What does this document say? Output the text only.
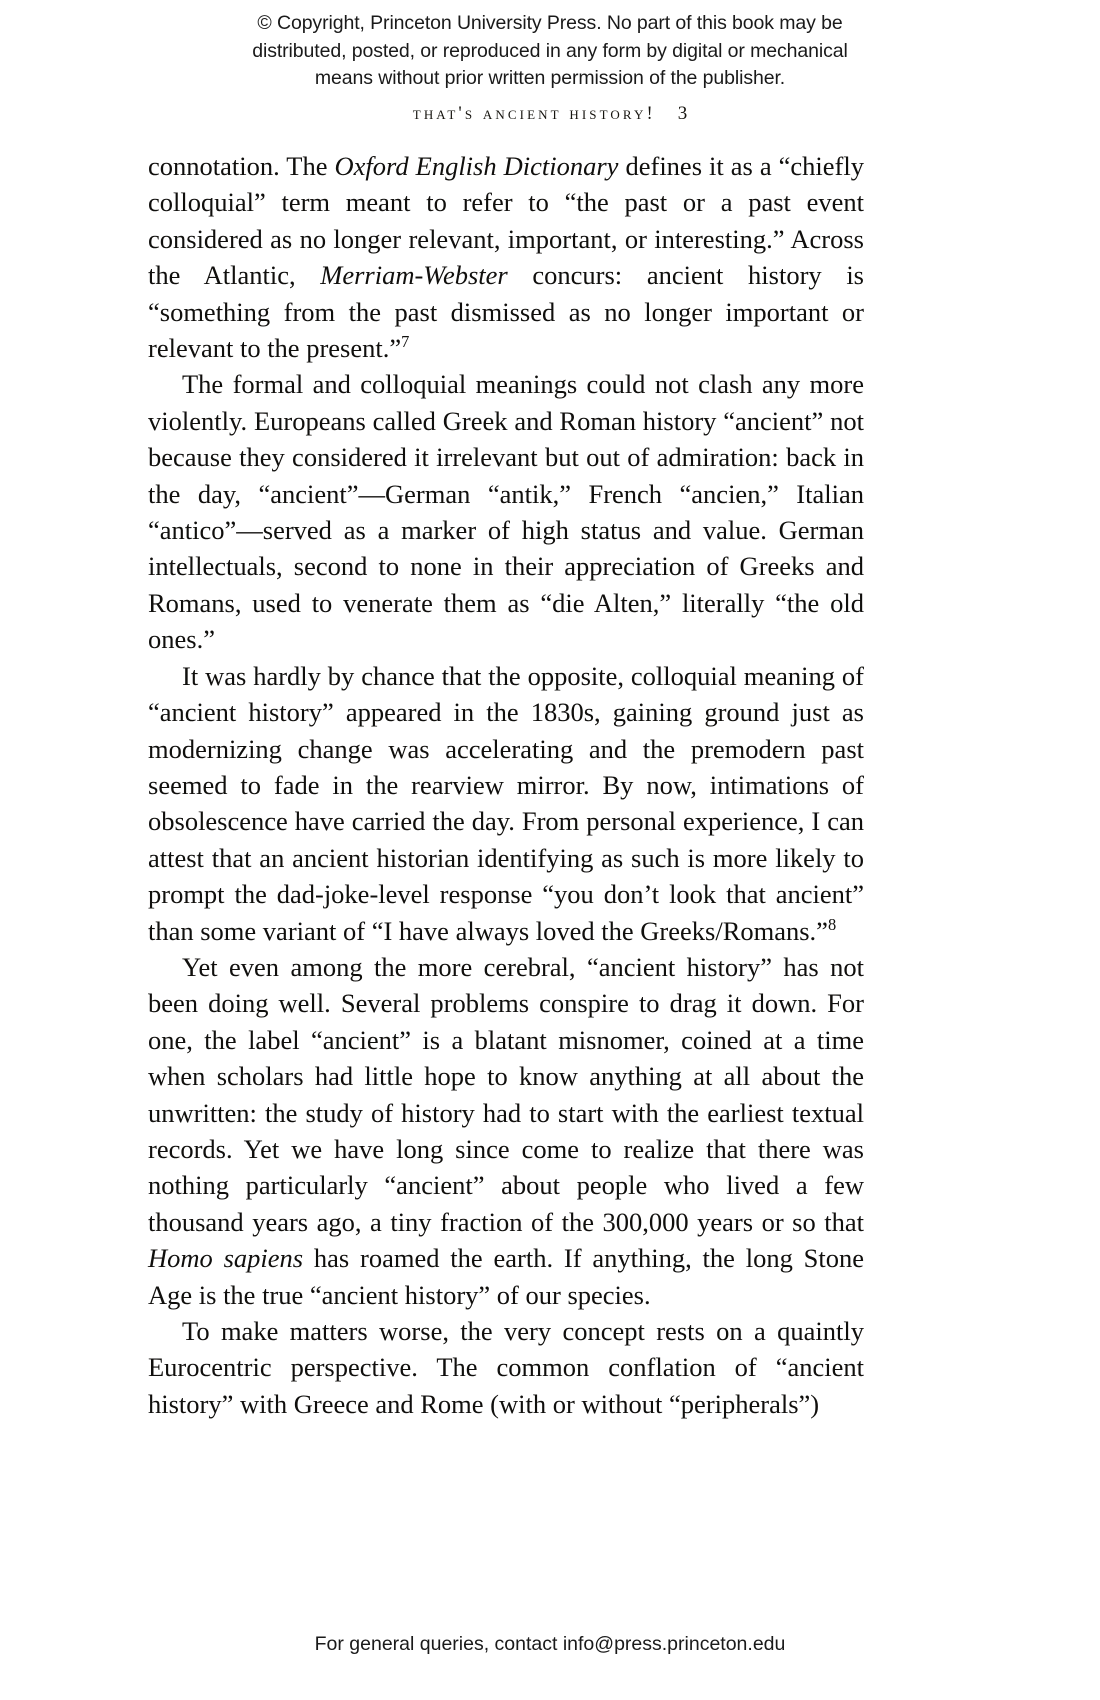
© Copyright, Princeton University Press. No part of this book may be
distributed, posted, or reproduced in any form by digital or mechanical
means without prior written permission of the publisher.
that's ancient history! 3

connotation. The Oxford English Dictionary defines it as a “chiefly colloquial” term meant to refer to “the past or a past event considered as no longer relevant, important, or interesting.” Across the Atlantic, Merriam-Webster concurs: ancient history is “something from the past dismissed as no longer important or relevant to the present.”$^7$

The formal and colloquial meanings could not clash any more violently. Europeans called Greek and Roman history “ancient” not because they considered it irrelevant but out of admiration: back in the day, “ancient”—German “antik,” French “ancien,” Italian “antico”—served as a marker of high status and value. German intellectuals, second to none in their appreciation of Greeks and Romans, used to venerate them as “die Alten,” literally “the old ones.”

It was hardly by chance that the opposite, colloquial meaning of “ancient history” appeared in the 1830s, gaining ground just as modernizing change was accelerating and the premodern past seemed to fade in the rearview mirror. By now, intimations of obsolescence have carried the day. From personal experience, I can attest that an ancient historian identifying as such is more likely to prompt the dad-joke-level response “you don’t look that ancient” than some variant of “I have always loved the Greeks/Romans.”$^8$

Yet even among the more cerebral, “ancient history” has not been doing well. Several problems conspire to drag it down. For one, the label “ancient” is a blatant misnomer, coined at a time when scholars had little hope to know anything at all about the unwritten: the study of history had to start with the earliest textual records. Yet we have long since come to realize that there was nothing particularly “ancient” about people who lived a few thousand years ago, a tiny fraction of the 300,000 years or so that Homo sapiens has roamed the earth. If anything, the long Stone Age is the true “ancient history” of our species.

To make matters worse, the very concept rests on a quaintly Eurocentric perspective. The common conflation of “ancient history” with Greece and Rome (with or without “peripherals”)

For general queries, contact info@press.princeton.edu
